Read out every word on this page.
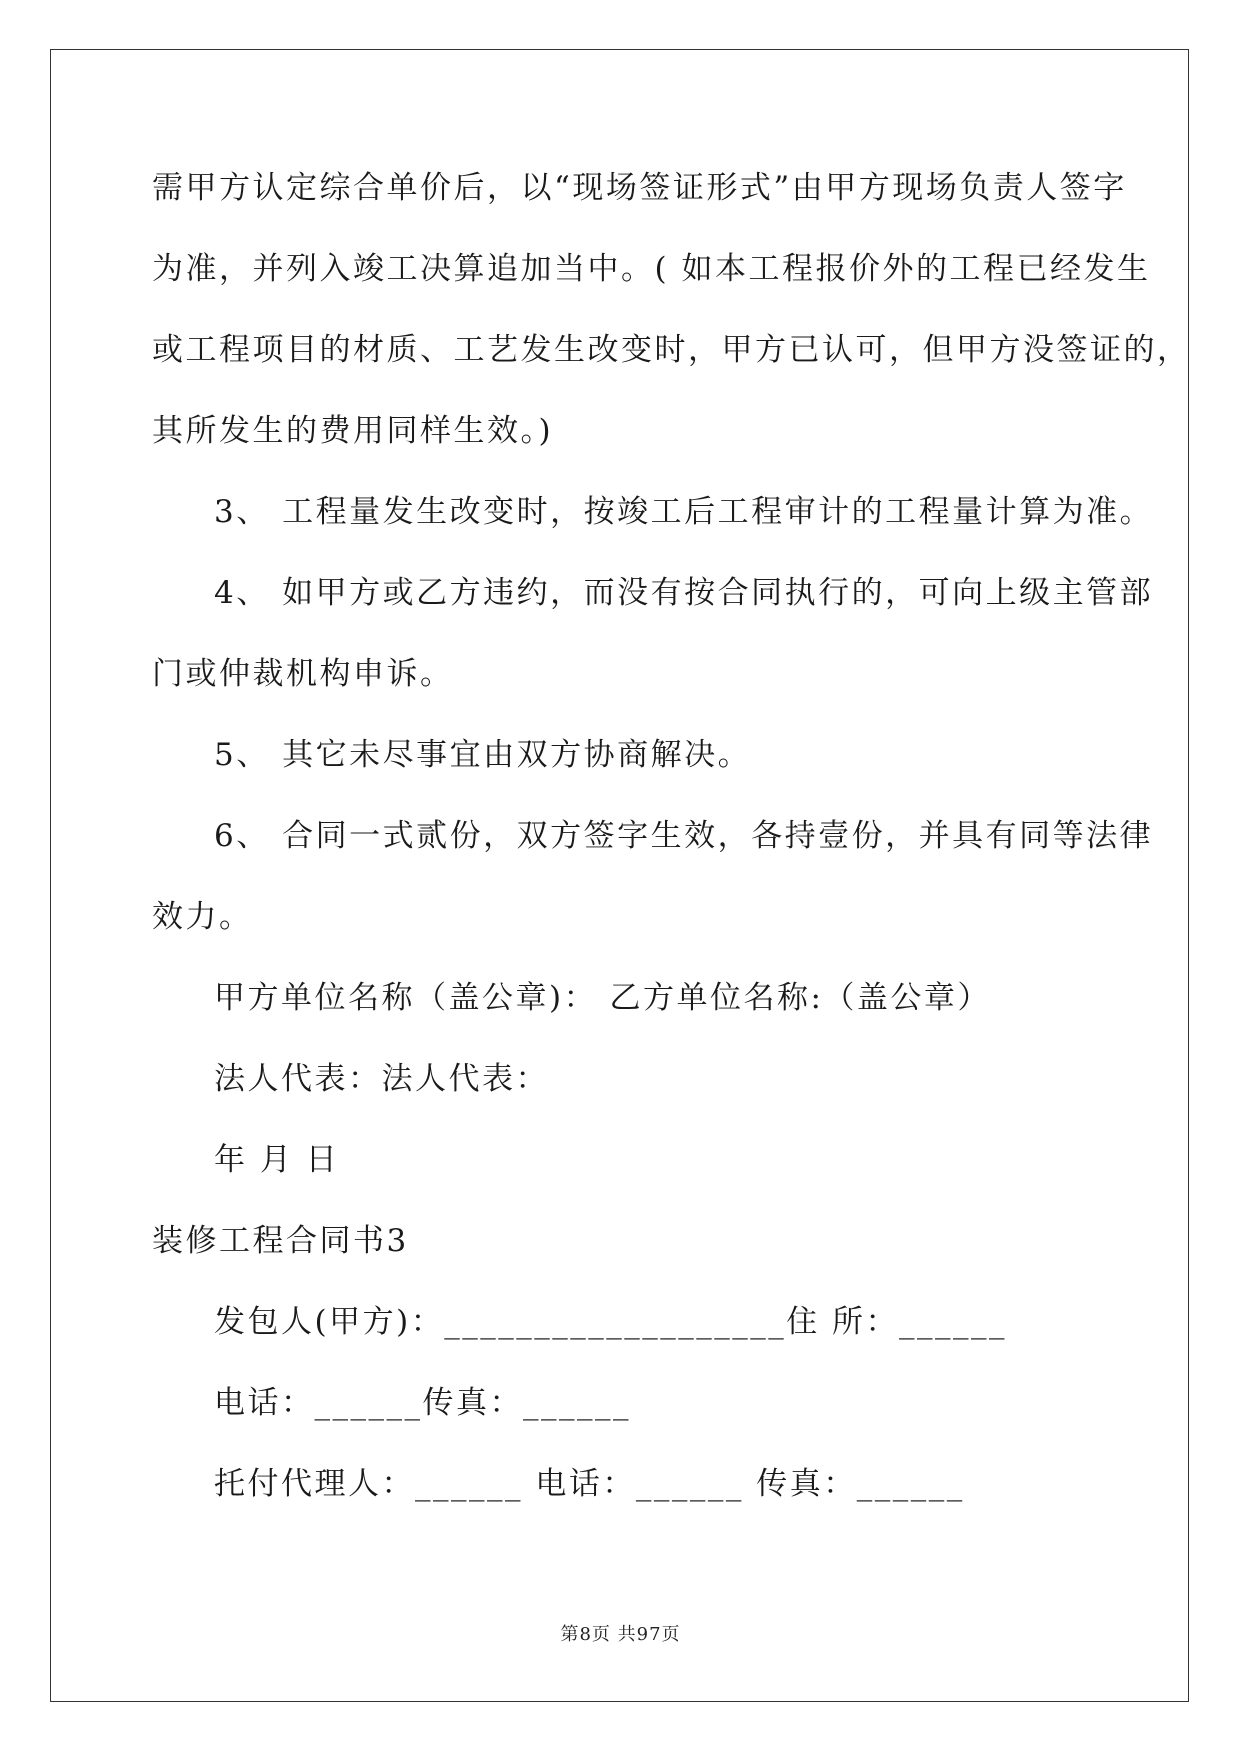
需甲方认定综合单价后，以“现场签证形式”由甲方现场负责人签字
为准，并列入竣工决算追加当中。( 如本工程报价外的工程已经发生
或工程项目的材质、工艺发生改变时，甲方已认可，但甲方没签证的，
其所发生的费用同样生效。)
3、 工程量发生改变时，按竣工后工程审计的工程量计算为准。
4、 如甲方或乙方违约，而没有按合同执行的，可向上级主管部
门或仲裁机构申诉。
5、 其它未尽事宜由双方协商解决。
6、 合同一式贰份，双方签字生效，各持壹份，并具有同等法律
效力。
甲方单位名称（盖公章)： 乙方单位名称:（盖公章）
法人代表：法人代表：
年 月 日
装修工程合同书3
发包人(甲方)：___________________住 所：______
电话：______传真：______
托付代理人：______ 电话：______ 传真：______
第8页 共97页
